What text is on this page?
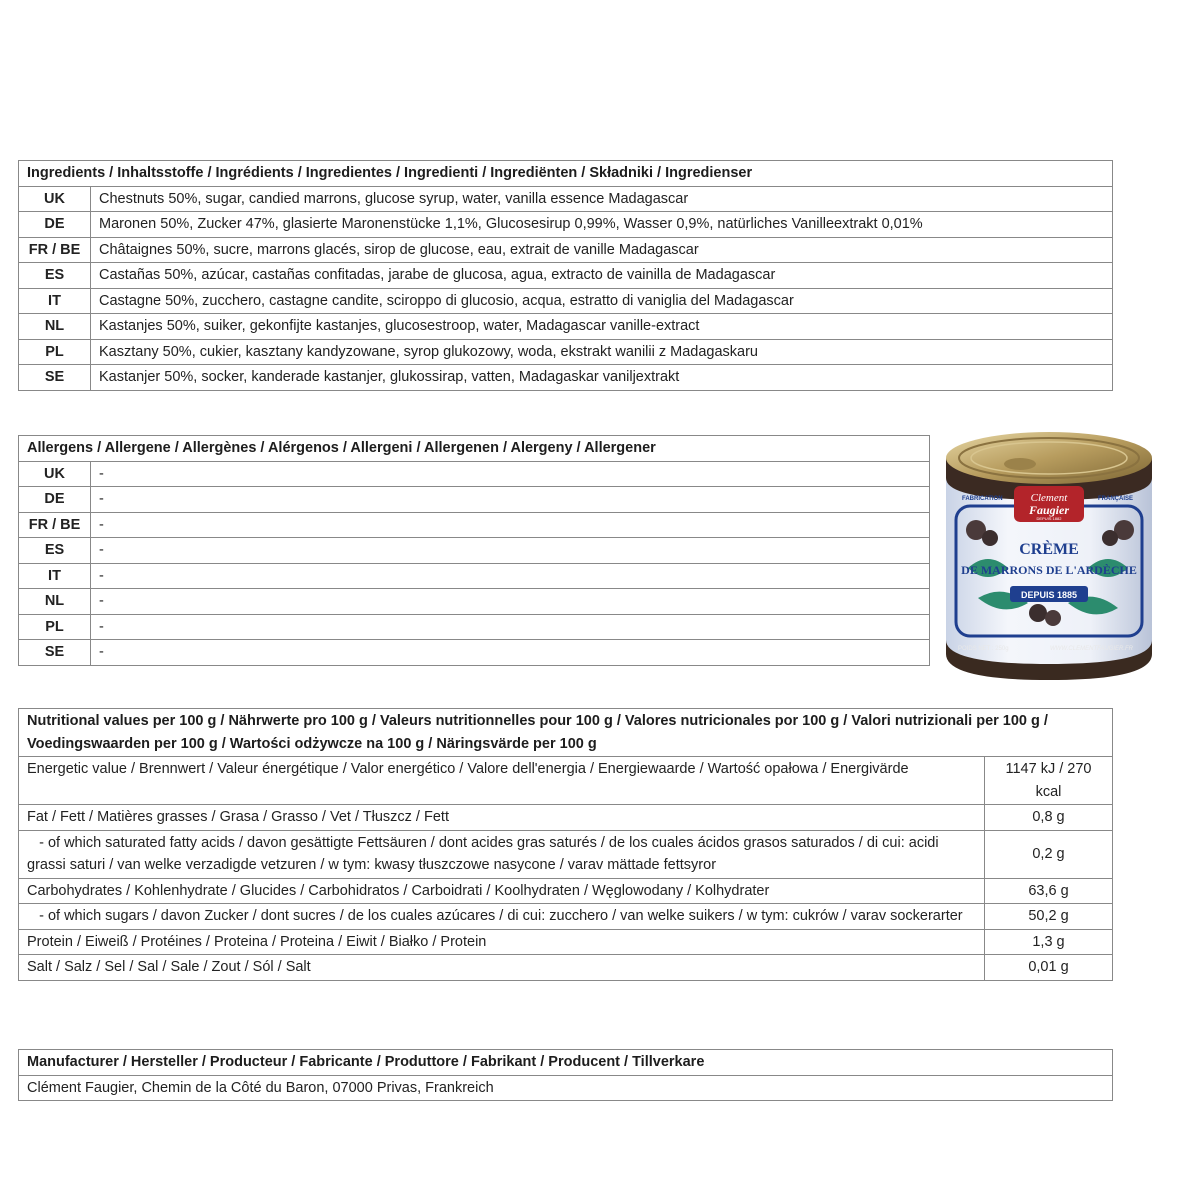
Ingredients / Inhaltsstoffe / Ingrédients / Ingredientes / Ingredienti / Ingrediënten / Składniki / Ingredienser	
UK	Chestnuts 50%, sugar, candied marrons, glucose syrup, water, vanilla essence Madagascar
DE	Maronen 50%, Zucker 47%, glasierte Maronenstücke 1,1%, Glucosesirup 0,99%, Wasser 0,9%, natürliches Vanilleextrakt 0,01%
FR / BE	Châtaignes 50%, sucre, marrons glacés, sirop de glucose, eau, extrait de vanille Madagascar
ES	Castañas 50%, azúcar, castañas confitadas, jarabe de glucosa, agua, extracto de vainilla de Madagascar
IT	Castagne 50%, zucchero, castagne candite, sciroppo di glucosio, acqua, estratto di vaniglia del Madagascar
NL	Kastanjes 50%, suiker, gekonfijte kastanjes, glucosestroop, water, Madagascar vanille-extract
PL	Kasztany 50%, cukier, kasztany kandyzowane, syrop glukozowy, woda, ekstrakt wanilii z Madagaskaru
SE	Kastanjer 50%, socker, kanderade kastanjer, glukossirap, vatten, Madagaskar vaniljextrakt
Allergens / Allergene / Allergènes / Alérgenos / Allergeni / Allergenen / Alergeny / Allergener	
UK	-
DE	-
FR / BE	-
ES	-
IT	-
NL	-
PL	-
SE	-
Clement
Faugier
DEPUIS 1882
FABRICATION	FRANÇAISE
CRÈME
DE MARRONS DE L'ARDÈCHE
DEPUIS 1885
POIDS NET : 250g	WWW.CLEMENTFAUGIER.FR
Nutritional values per 100 g / Nährwerte pro 100 g / Valeurs nutritionnelles pour 100 g / Valores nutricionales por 100 g / Valori nutrizionali per 100 g / Voedingswaarden per 100 g / Wartości odżywcze na 100 g / Näringsvärde per 100 g	
Energetic value / Brennwert / Valeur énergétique / Valor energético / Valore dell'energia / Energiewaarde / Wartość opałowa / Energivärde	1147 kJ / 270 kcal
Fat / Fett / Matières grasses / Grasa / Grasso / Vet / Tłuszcz / Fett	0,8 g
- of which saturated fatty acids / davon gesättigte Fettsäuren / dont acides gras saturés / de los cuales ácidos grasos saturados / di cui: acidi grassi saturi / van welke verzadigde vetzuren / w tym: kwasy tłuszczowe nasycone / varav mättade fettsyror	0,2 g
Carbohydrates / Kohlenhydrate / Glucides / Carbohidratos / Carboidrati / Koolhydraten / Węglowodany / Kolhydrater	63,6 g
- of which sugars / davon Zucker / dont sucres / de los cuales azúcares / di cui: zucchero / van welke suikers / w tym: cukrów / varav sockerarter	50,2 g
Protein / Eiweiß / Protéines / Proteina / Proteina / Eiwit / Białko / Protein	1,3 g
Salt / Salz / Sel / Sal / Sale / Zout / Sól / Salt	0,01 g
Manufacturer / Hersteller / Producteur / Fabricante / Produttore / Fabrikant / Producent / Tillverkare
Clément Faugier, Chemin de la Côté du Baron, 07000 Privas, Frankreich
